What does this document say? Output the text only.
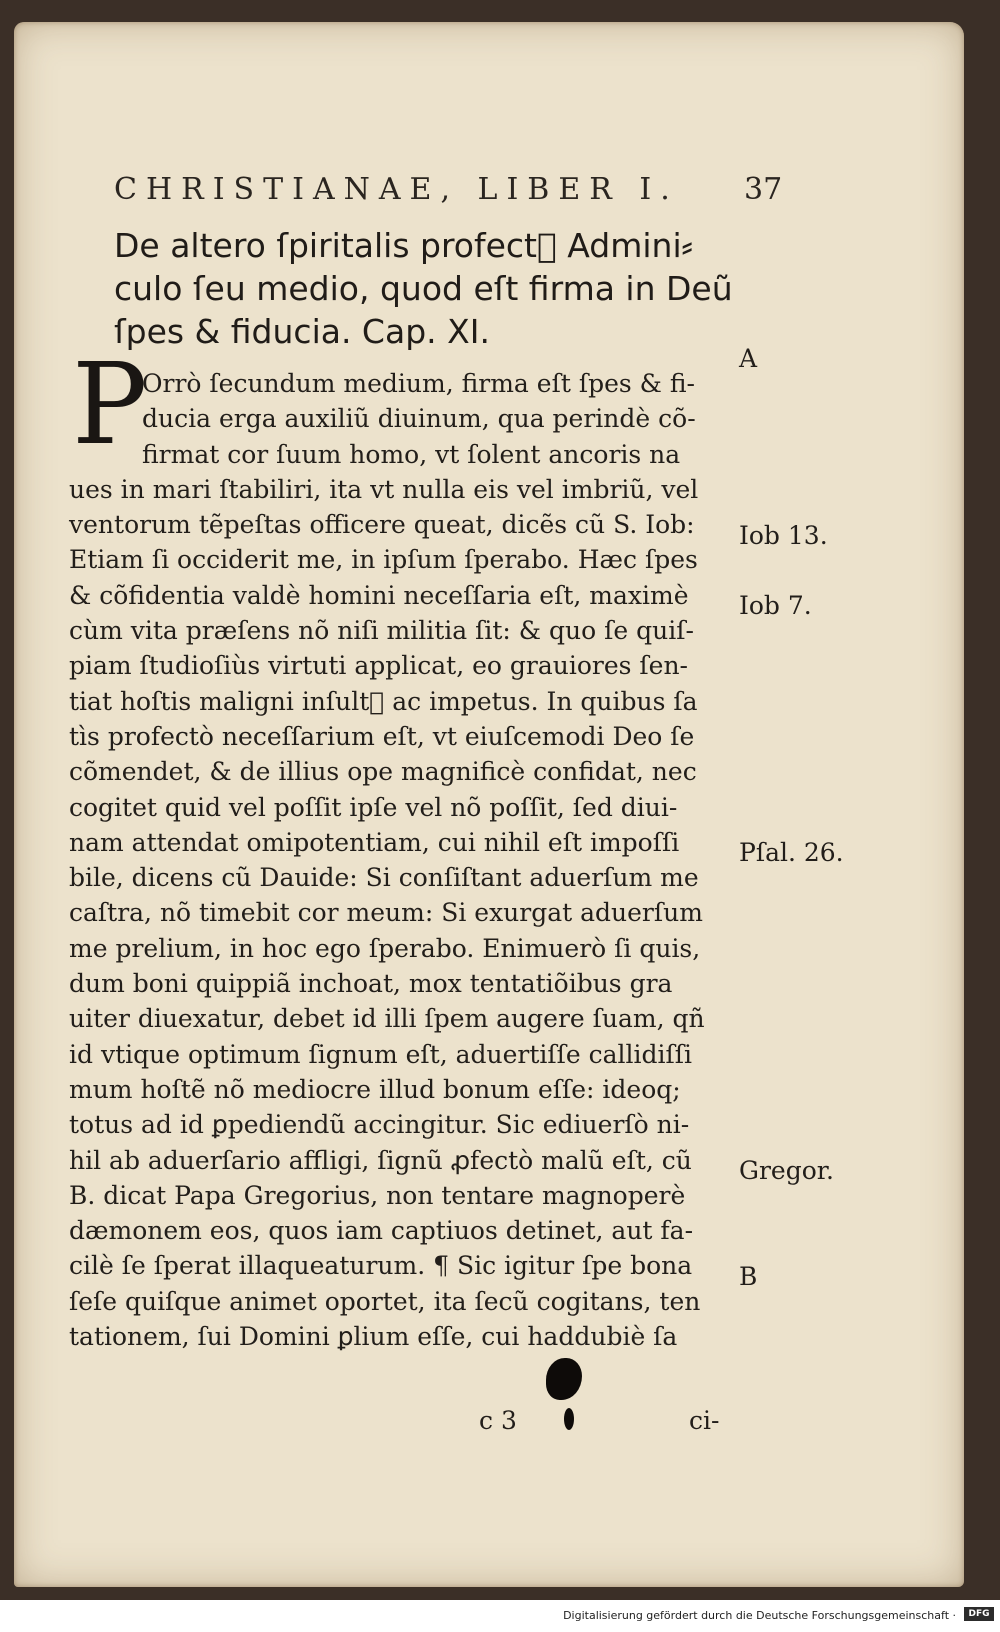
CHRISTIANAE, LIBER I. 37
De altero ſpiritalis profect᷒ Admini⸗
culo ſeu medio, quod eſt firma in Deũ
ſpes & fiducia. Cap. XI.
P
Orrò ſecundum medium, firma eſt ſpes & fi-
ducia erga auxiliũ diuinum, qua perindè cõ-
firmat cor ſuum homo, vt ſolent ancoris na
ues in mari ſtabiliri, ita vt nulla eis vel imbriũ, vel
ventorum tẽpeſtas officere queat, dicẽs cũ S. Iob:
Etiam ſi occiderit me, in ipſum ſperabo. Hæc ſpes
& cõfidentia valdè homini neceſſaria eſt, maximè
cùm vita præſens nõ niſi militia ſit: & quo ſe quiſ-
piam ſtudioſiùs virtuti applicat, eo grauiores ſen-
tiat hoſtis maligni inſult᷒ ac impetus. In quibus ſa
tìs profectò neceſſarium eſt, vt eiuſcemodi Deo ſe
cõmendet, & de illius ope magnificè confidat, nec
cogitet quid vel poſſit ipſe vel nõ poſſit, ſed diui-
nam attendat omipotentiam, cui nihil eſt impoſſi
bile, dicens cũ Dauide: Si conſiſtant aduerſum me
caſtra, nõ timebit cor meum: Si exurgat aduerſum
me prelium, in hoc ego ſperabo. Enimuerò ſi quis,
dum boni quippiã inchoat, mox tentatiõibus gra
uiter diuexatur, debet id illi ſpem augere ſuam, qñ
id vtique optimum ſignum eſt, aduertiſſe callidiſſi
mum hoſtẽ nõ mediocre illud bonum eſſe: ideoq;
totus ad id ꝑpediendũ accingitur. Sic ediuerſò ni-
hil ab aduerſario affligi, ſignũ ꝓfectò malũ eſt, cũ
B. dicat Papa Gregorius, non tentare magnoperè
dæmonem eos, quos iam captiuos detinet, aut fa-
cilè ſe ſperat illaqueaturum. ¶ Sic igitur ſpe bona
ſeſe quiſque animet oportet, ita ſecũ cogitans, ten
tationem, ſui Domini ꝑlium eſſe, cui haddubiè ſa
A
Iob 13.
Iob 7.
Pſal. 26.
Gregor.
B
c 3	ci-
Digitalisierung gefördert durch die Deutsche Forschungsgemeinschaft ·	DFG
